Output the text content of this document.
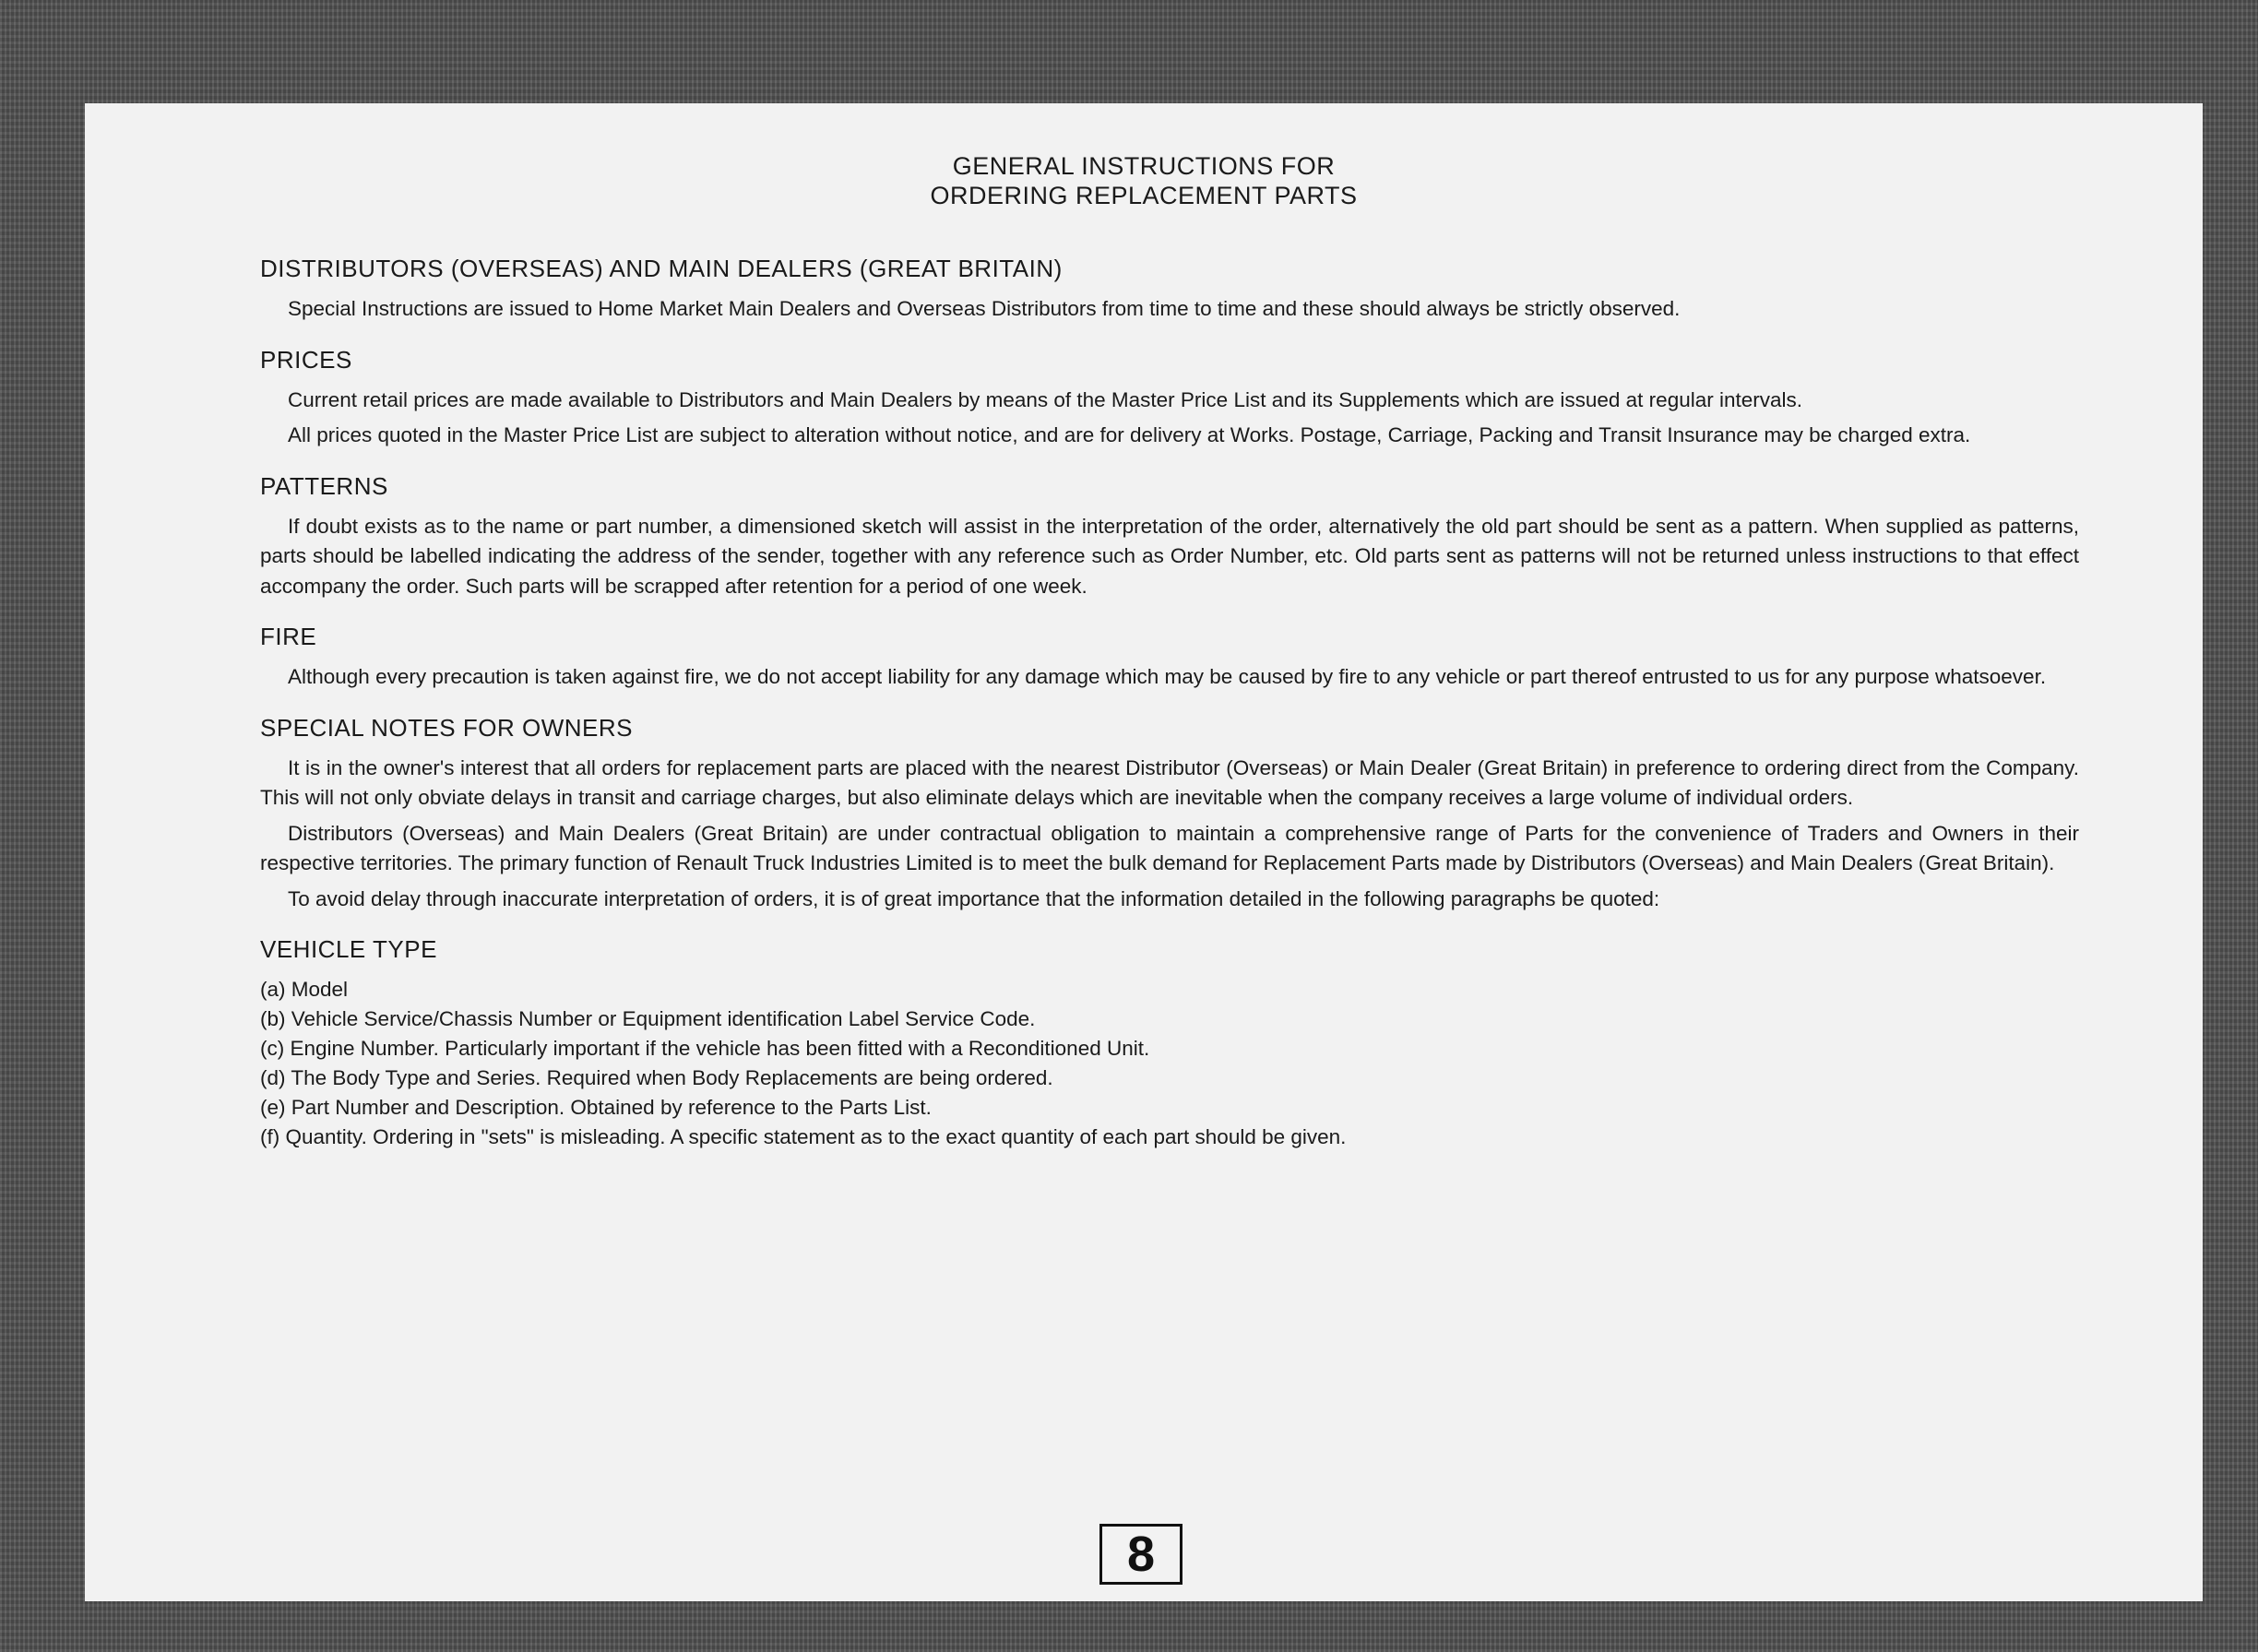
GENERAL INSTRUCTIONS FOR
ORDERING REPLACEMENT PARTS
DISTRIBUTORS (OVERSEAS) AND MAIN DEALERS (GREAT BRITAIN)

Special Instructions are issued to Home Market Main Dealers and Overseas Distributors from time to time and these should always be strictly observed.

PRICES

Current retail prices are made available to Distributors and Main Dealers by means of the Master Price List and its Supplements which are issued at regular intervals.

All prices quoted in the Master Price List are subject to alteration without notice, and are for delivery at Works. Postage, Carriage, Packing and Transit Insurance may be charged extra.

PATTERNS

If doubt exists as to the name or part number, a dimensioned sketch will assist in the interpretation of the order, alternatively the old part should be sent as a pattern. When supplied as patterns, parts should be labelled indicating the address of the sender, together with any reference such as Order Number, etc. Old parts sent as patterns will not be returned unless instructions to that effect accompany the order. Such parts will be scrapped after retention for a period of one week.

FIRE

Although every precaution is taken against fire, we do not accept liability for any damage which may be caused by fire to any vehicle or part thereof entrusted to us for any purpose whatsoever.

SPECIAL NOTES FOR OWNERS

It is in the owner's interest that all orders for replacement parts are placed with the nearest Distributor (Overseas) or Main Dealer (Great Britain) in preference to ordering direct from the Company. This will not only obviate delays in transit and carriage charges, but also eliminate delays which are inevitable when the company receives a large volume of individual orders.

Distributors (Overseas) and Main Dealers (Great Britain) are under contractual obligation to maintain a comprehensive range of Parts for the convenience of Traders and Owners in their respective territories. The primary function of Renault Truck Industries Limited is to meet the bulk demand for Replacement Parts made by Distributors (Overseas) and Main Dealers (Great Britain).

To avoid delay through inaccurate interpretation of orders, it is of great importance that the information detailed in the following paragraphs be quoted:

VEHICLE TYPE

(a) Model

(b) Vehicle Service/Chassis Number or Equipment identification Label Service Code.

(c) Engine Number. Particularly important if the vehicle has been fitted with a Reconditioned Unit.

(d) The Body Type and Series. Required when Body Replacements are being ordered.

(e) Part Number and Description. Obtained by reference to the Parts List.

(f) Quantity. Ordering in "sets" is misleading. A specific statement as to the exact quantity of each part should be given.

8
